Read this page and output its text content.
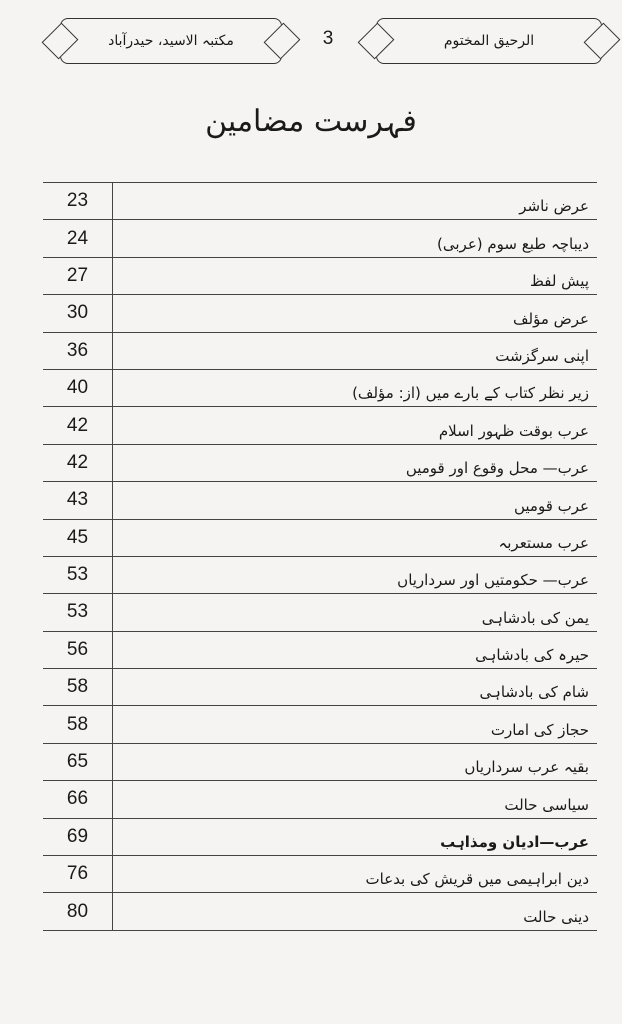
مکتبہ الاسید، حیدرآباد	3	الرحیق المختوم
فہرست مضامین
23	عرض ناشر
24	دیباچہ طبع سوم (عربی)
27	پیش لفظ
30	عرض مؤلف
36	اپنی سرگزشت
40	زیر نظر کتاب کے بارے میں (از: مؤلف)
42	عرب بوقت ظہور اسلام
42	عرب— محل وقوع اور قومیں
43	عرب قومیں
45	عرب مستعربہ
53	عرب— حکومتیں اور سرداریاں
53	یمن کی بادشاہی
56	حیرہ کی بادشاہی
58	شام کی بادشاہی
58	حجاز کی امارت
65	بقیہ عرب سرداریاں
66	سیاسی حالت
69	عرب—ادیان ومذاہب
76	دین ابراہیمی میں قریش کی بدعات
80	دینی حالت
